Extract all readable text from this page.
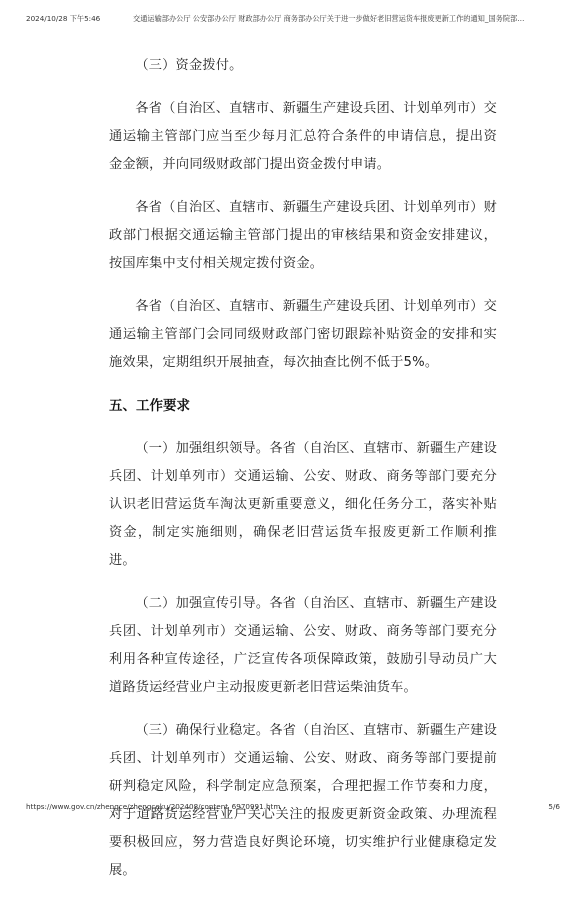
2024/10/28 下午5:46	交通运输部办公厅 公安部办公厅 财政部办公厅 商务部办公厅关于进一步做好老旧营运货车报废更新工作的通知_国务院部…

（三）资金拨付。

各省（自治区、直辖市、新疆生产建设兵团、计划单列市）交通运输主管部门应当至少每月汇总符合条件的申请信息，提出资金金额，并向同级财政部门提出资金拨付申请。

各省（自治区、直辖市、新疆生产建设兵团、计划单列市）财政部门根据交通运输主管部门提出的审核结果和资金安排建议，按国库集中支付相关规定拨付资金。

各省（自治区、直辖市、新疆生产建设兵团、计划单列市）交通运输主管部门会同同级财政部门密切跟踪补贴资金的安排和实施效果，定期组织开展抽查，每次抽查比例不低于5%。

五、工作要求

（一）加强组织领导。各省（自治区、直辖市、新疆生产建设兵团、计划单列市）交通运输、公安、财政、商务等部门要充分认识老旧营运货车淘汰更新重要意义，细化任务分工，落实补贴资金，制定实施细则，确保老旧营运货车报废更新工作顺利推进。

（二）加强宣传引导。各省（自治区、直辖市、新疆生产建设兵团、计划单列市）交通运输、公安、财政、商务等部门要充分利用各种宣传途径，广泛宣传各项保障政策，鼓励引导动员广大道路货运经营业户主动报废更新老旧营运柴油货车。

（三）确保行业稳定。各省（自治区、直辖市、新疆生产建设兵团、计划单列市）交通运输、公安、财政、商务等部门要提前研判稳定风险，科学制定应急预案，合理把握工作节奏和力度，对于道路货运经营业户关心关注的报废更新资金政策、办理流程要积极回应，努力营造良好舆论环境，切实维护行业健康稳定发展。

https://www.gov.cn/zhengce/zhengceku/202408/content_6970991.htm	5/6
